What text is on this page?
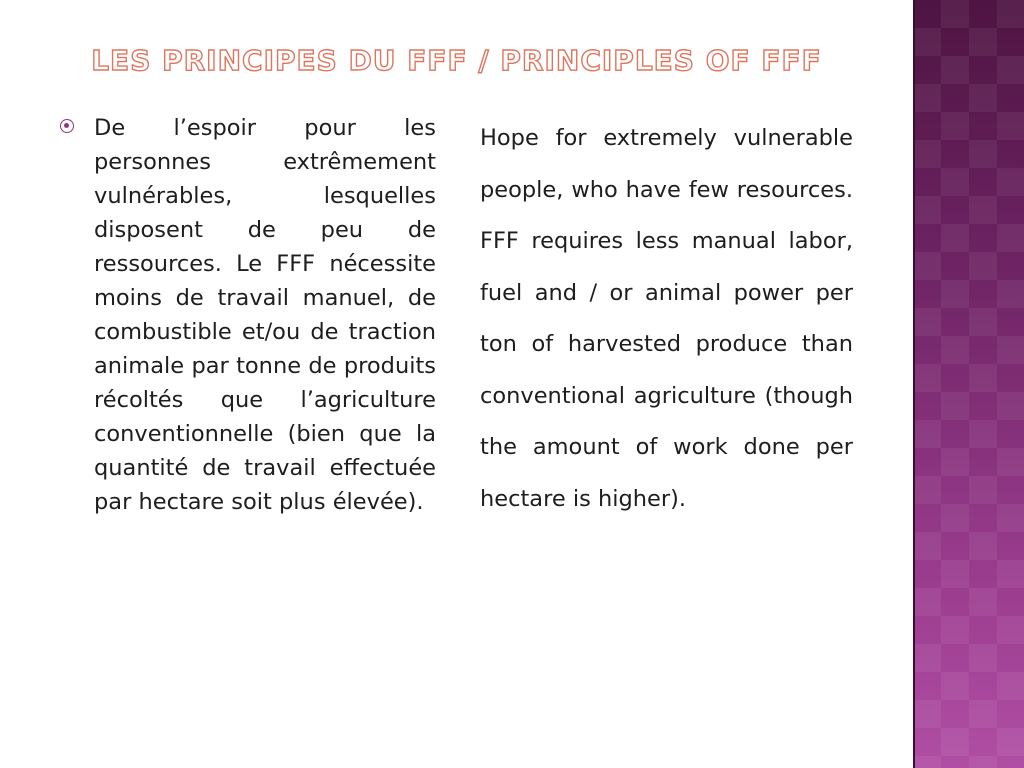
LES PRINCIPES DU FFF / PRINCIPLES OF FFF

De l’espoir pour les personnes extrêmement vulnérables, lesquelles disposent de peu de ressources. Le FFF nécessite moins de travail manuel, de combustible et/ou de traction animale par tonne de produits récoltés que l’agriculture conventionnelle (bien que la quantité de travail effectuée par hectare soit plus élevée).

Hope for extremely vulnerable people, who have few resources. FFF requires less manual labor, fuel and / or animal power per ton of harvested produce than conventional agriculture (though the amount of work done per hectare is higher).
